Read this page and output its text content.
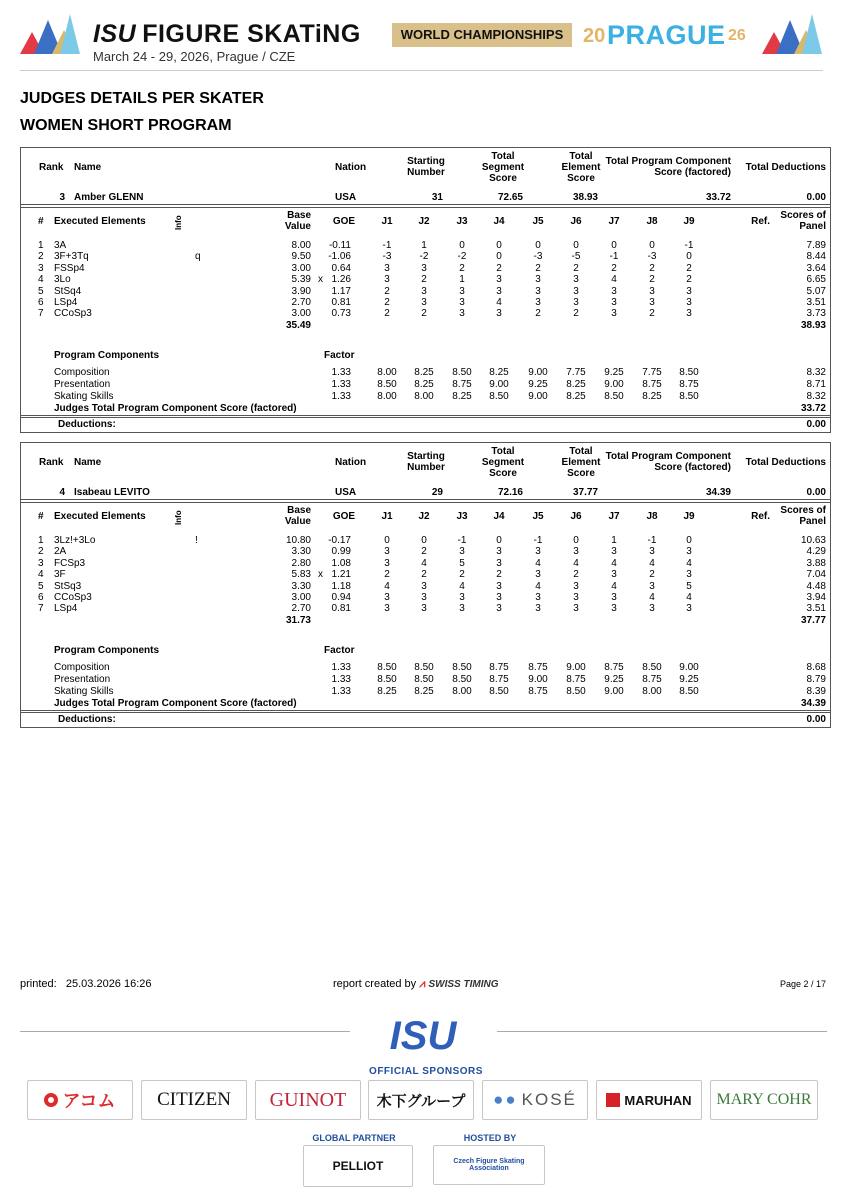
ISU FIGURE SKATiNG
March 24 - 29, 2026, Prague / CZE
WORLD CHAMPIONSHIPS 20 PRAGUE 26
JUDGES DETAILS PER SKATER
WOMEN SHORT PROGRAM
Rank	Name	Nation
Starting
Number
Total
Segment
Score
Total
Element
Score
Total Program Component
Score (factored)	Total Deductions
3 Amber GLENN	USA	31	72.65	38.93	33.72	0.00
#	Executed Elements	Info	Base
Value	GOE	J1	J2	J3	J4	J5	J6	J7	J8	J9	Ref.
Scores of
Panel
1	3A	8.00	-0.11	-1	1	0	0	0	0	0	0	-1	7.89
2	3F+3Tq	q	9.50	-1.06	-3	-2	-2	0	-3	-5	-1	-3	0	8.44
3	FSSp4	3.00	0.64	3	3	2	2	2	2	2	2	2	3.64
4	3Lo	5.39 x 1.26	3	2	1	3	3	3	4	2	2	6.65
5	StSq4	3.90	1.17	2	3	3	3	3	3	3	3	3	5.07
6	LSp4	2.70	0.81	2	3	3	4	3	3	3	3	3	3.51
7	CCoSp3	3.00	0.73	2	2	3	3	2	2	3	2	3	3.73
35.49	38.93
Program Components	Factor
Composition	1.33	8.00	8.25	8.50	8.25	9.00	7.75	9.25	7.75	8.50	8.32
Presentation	1.33	8.50	8.25	8.75	9.00	9.25	8.25	9.00	8.75	8.75	8.71
Skating Skills	1.33	8.00	8.00	8.25	8.50	9.00	8.25	8.50	8.25	8.50	8.32
Judges Total Program Component Score (factored)	33.72
Deductions:	0.00
Rank	Name	Nation
Starting
Number
Total
Segment
Score
Total
Element
Score
Total Program Component
Score (factored)	Total Deductions
4 Isabeau LEVITO	USA	29	72.16	37.77	34.39	0.00
#	Executed Elements	Info	Base
Value	GOE	J1	J2	J3	J4	J5	J6	J7	J8	J9	Ref.
Scores of
Panel
1	3Lz!+3Lo	!	10.80	-0.17	0	0	-1	0	-1	0	1	-1	0	10.63
2	2A	3.30	0.99	3	2	3	3	3	3	3	3	3	4.29
3	FCSp3	2.80	1.08	3	4	5	3	4	4	4	4	4	3.88
4	3F	5.83 x 1.21	2	2	2	2	3	2	3	2	3	7.04
5	StSq3	3.30	1.18	4	3	4	3	4	3	4	3	5	4.48
6	CCoSp3	3.00	0.94	3	3	3	3	3	3	3	4	4	3.94
7	LSp4	2.70	0.81	3	3	3	3	3	3	3	3	3	3.51
31.73	37.77
Program Components	Factor
Composition	1.33	8.50	8.50	8.50	8.75	8.75	9.00	8.75	8.50	9.00	8.68
Presentation	1.33	8.50	8.50	8.50	8.75	9.00	8.75	9.25	8.75	9.25	8.79
Skating Skills	1.33	8.25	8.25	8.00	8.50	8.75	8.50	9.00	8.00	8.50	8.39
Judges Total Program Component Score (factored)	34.39
Deductions:	0.00
printed: 25.03.2026 16:26	report created by ⩘ SWISS TIMING	Page 2 / 17
ISU
OFFICIAL SPONSORS
アコム	CITIZEN	GUINOT	木下グループ	●● KOSÉ	MARUHAN	MARY COHR
GLOBAL PARTNER	HOSTED BY
PELLIOT	Czech Figure Skating Association
